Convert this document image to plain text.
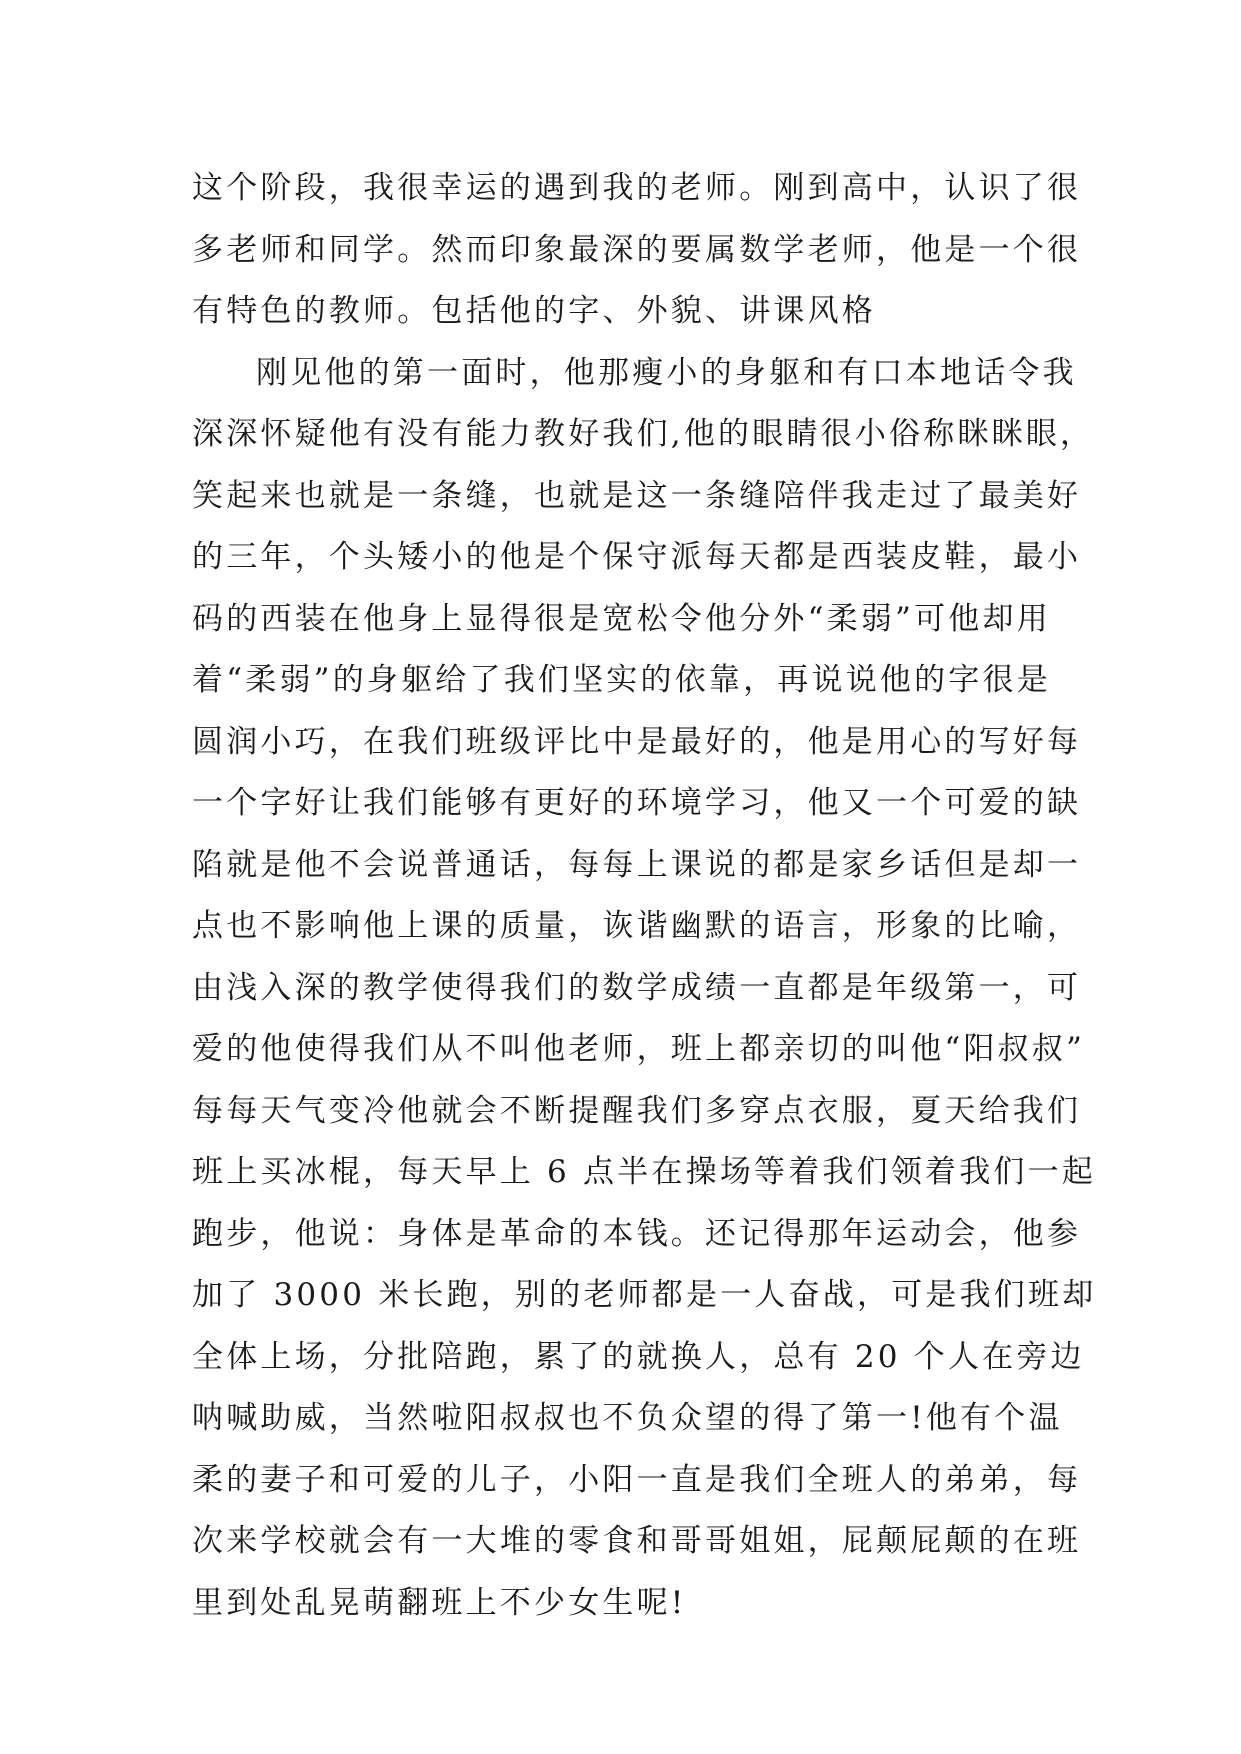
这个阶段，我很幸运的遇到我的老师。刚到高中，认识了很
多老师和同学。然而印象最深的要属数学老师，他是一个很
有特色的教师。包括他的字、外貌、讲课风格
刚见他的第一面时，他那瘦小的身躯和有口本地话令我
深深怀疑他有没有能力教好我们,他的眼睛很小俗称眯眯眼，
笑起来也就是一条缝，也就是这一条缝陪伴我走过了最美好
的三年，个头矮小的他是个保守派每天都是西装皮鞋，最小
码的西装在他身上显得很是宽松令他分外“柔弱”可他却用
着“柔弱”的身躯给了我们坚实的依靠，再说说他的字很是
圆润小巧，在我们班级评比中是最好的，他是用心的写好每
一个字好让我们能够有更好的环境学习，他又一个可爱的缺
陷就是他不会说普通话，每每上课说的都是家乡话但是却一
点也不影响他上课的质量，诙谐幽默的语言，形象的比喻，
由浅入深的教学使得我们的数学成绩一直都是年级第一，可
爱的他使得我们从不叫他老师，班上都亲切的叫他“阳叔叔”
每每天气变冷他就会不断提醒我们多穿点衣服，夏天给我们
班上买冰棍，每天早上 6 点半在操场等着我们领着我们一起
跑步，他说：身体是革命的本钱。还记得那年运动会，他参
加了 3000 米长跑，别的老师都是一人奋战，可是我们班却
全体上场，分批陪跑，累了的就换人，总有 20 个人在旁边
呐喊助威，当然啦阳叔叔也不负众望的得了第一!他有个温
柔的妻子和可爱的儿子，小阳一直是我们全班人的弟弟，每
次来学校就会有一大堆的零食和哥哥姐姐，屁颠屁颠的在班
里到处乱晃萌翻班上不少女生呢!
